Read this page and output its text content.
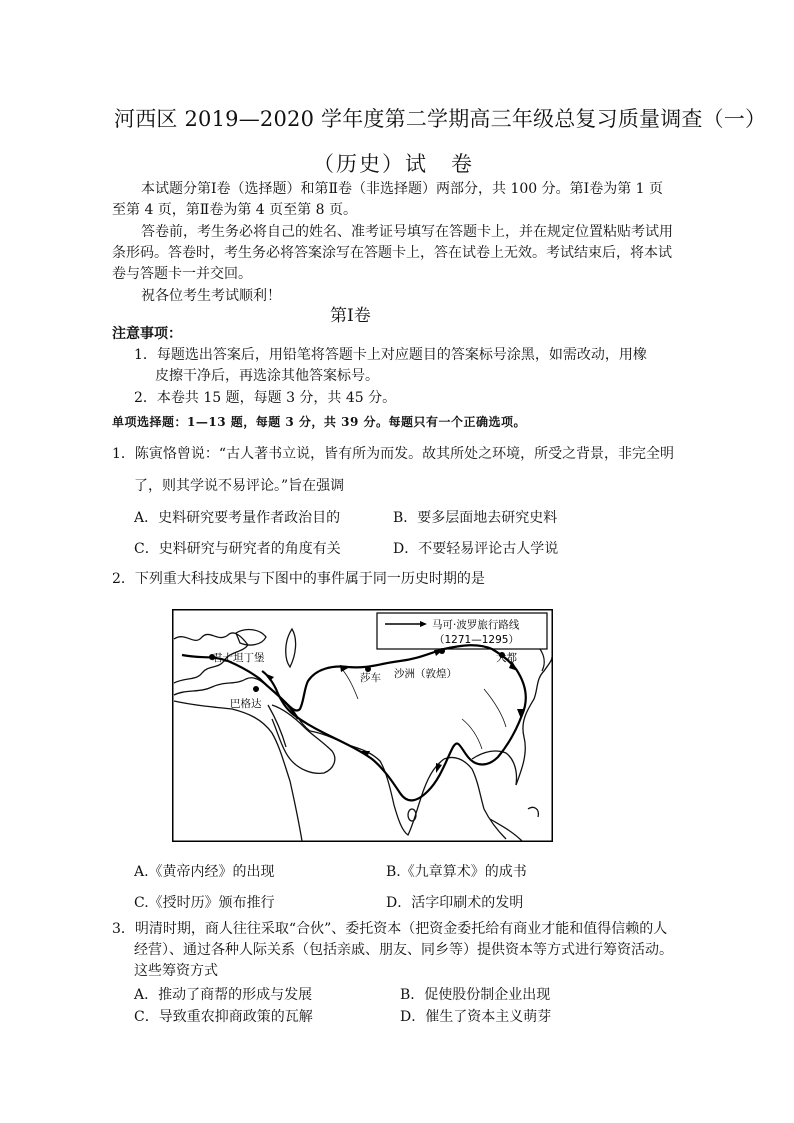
河西区 2019—2020 学年度第二学期高三年级总复习质量调查（一）
（历史）试　卷
本试题分第Ⅰ卷（选择题）和第Ⅱ卷（非选择题）两部分，共 100 分。第Ⅰ卷为第 1 页
至第 4 页，第Ⅱ卷为第 4 页至第 8 页。
答卷前，考生务必将自己的姓名、准考证号填写在答题卡上，并在规定位置粘贴考试用
条形码。答卷时，考生务必将答案涂写在答题卡上，答在试卷上无效。考试结束后，将本试
卷与答题卡一并交回。
祝各位考生考试顺利！
第Ⅰ卷
注意事项：
1．每题选出答案后，用铅笔将答题卡上对应题目的答案标号涂黑，如需改动，用橡
皮擦干净后，再选涂其他答案标号。
2．本卷共 15 题，每题 3 分，共 45 分。
单项选择题：1—13 题，每题 3 分，共 39 分。每题只有一个正确选项。
1．陈寅恪曾说：“古人著书立说，皆有所为而发。故其所处之环境，所受之背景，非完全明
了，则其学说不易评论。”旨在强调
A．史料研究要考量作者政治目的	B．要多层面地去研究史料
C．史料研究与研究者的角度有关	D．不要轻易评论古人学说
2．下列重大科技成果与下图中的事件属于同一历史时期的是
马可·波罗旅行路线
（1271—1295）
君士坦丁堡
巴格达
莎车 沙洲（敦煌）
大都
A.《黄帝内经》的出现	B.《九章算术》的成书
C.《授时历》颁布推行	D．活字印刷术的发明
3．明清时期，商人往往采取“合伙”、委托资本（把资金委托给有商业才能和值得信赖的人
经营）、通过各种人际关系（包括亲戚、朋友、同乡等）提供资本等方式进行筹资活动。
这些筹资方式
A．推动了商帮的形成与发展	B．促使股份制企业出现
C．导致重农抑商政策的瓦解	D．催生了资本主义萌芽
